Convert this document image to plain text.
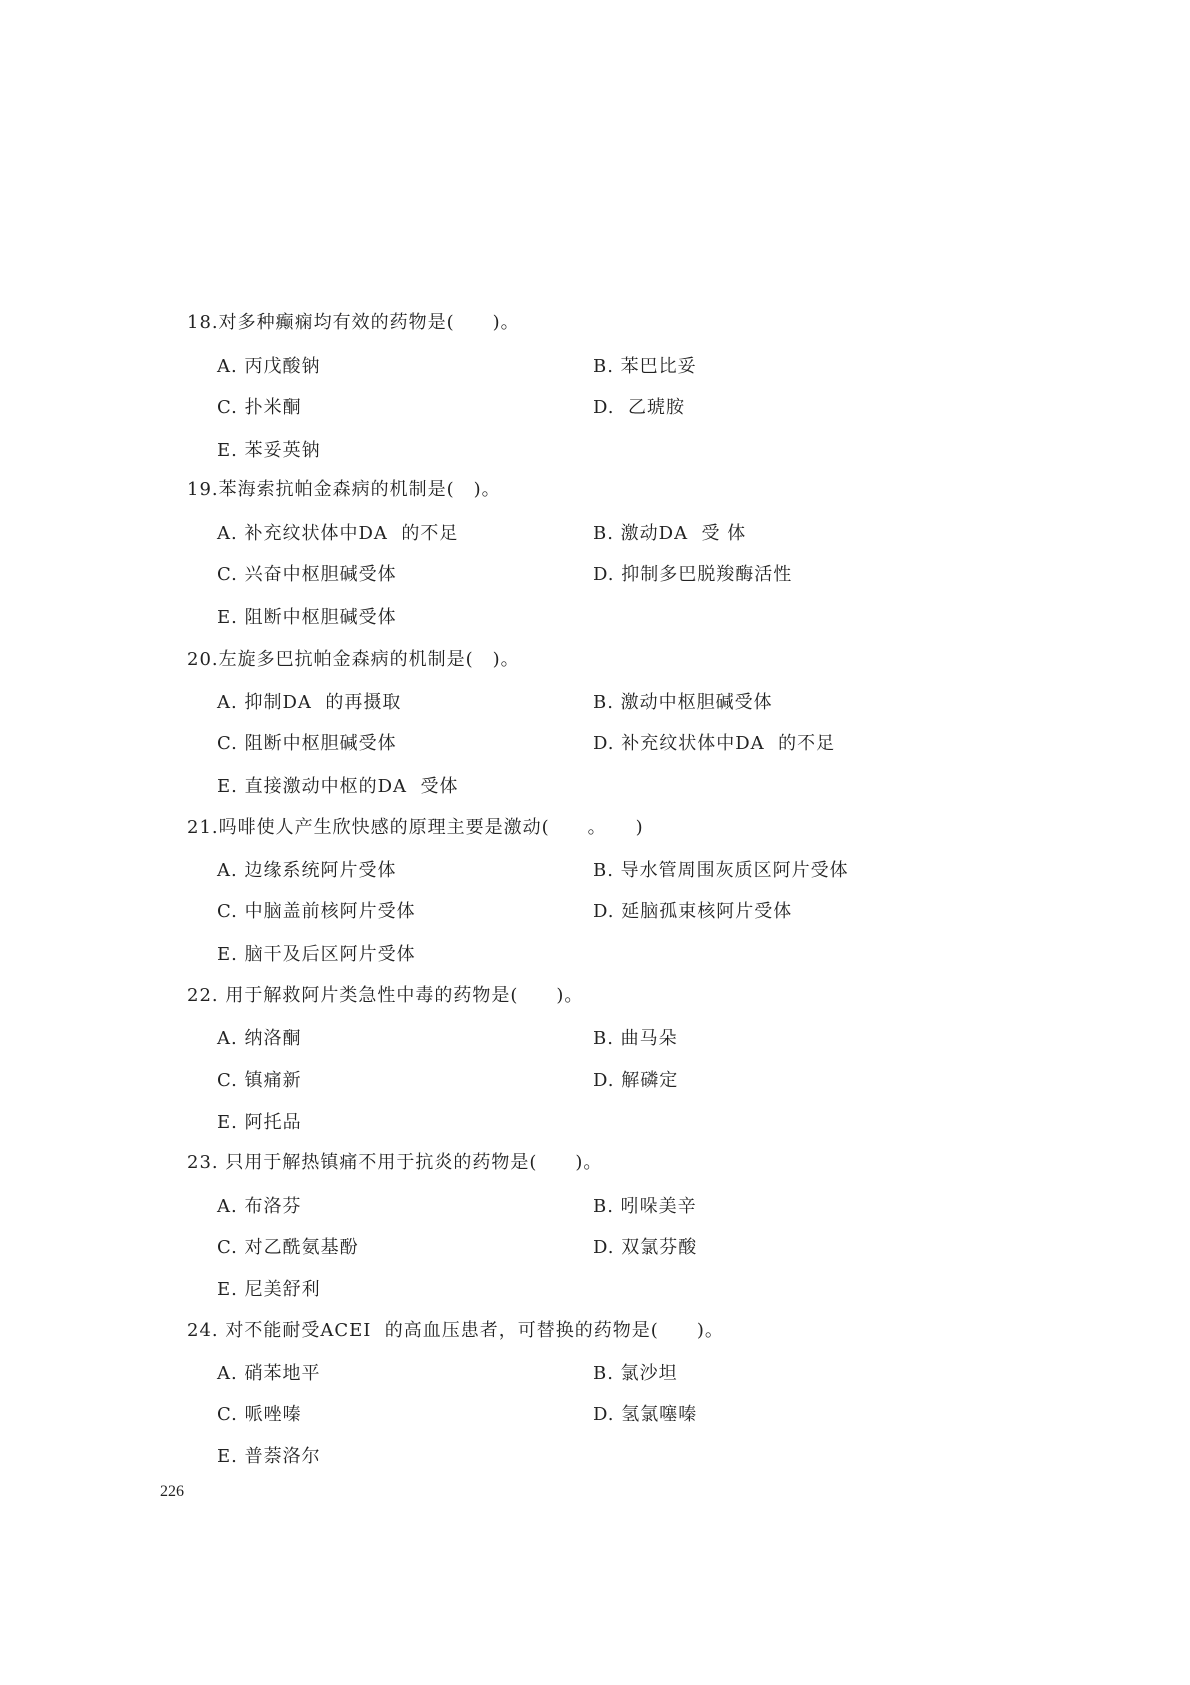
18.对多种癫痫均有效的药物是(　　)。
A. 丙戊酸钠	B. 苯巴比妥
C. 扑米酮	D.  乙琥胺
E. 苯妥英钠
19.苯海索抗帕金森病的机制是(　)。
A. 补充纹状体中DA  的不足	B. 激动DA  受 体
C. 兴奋中枢胆碱受体	D. 抑制多巴脱羧酶活性
E. 阻断中枢胆碱受体
20.左旋多巴抗帕金森病的机制是(　)。
A. 抑制DA  的再摄取	B. 激动中枢胆碱受体
C. 阻断中枢胆碱受体	D. 补充纹状体中DA  的不足
E. 直接激动中枢的DA  受体
21.吗啡使人产生欣快感的原理主要是激动(　　。　　)
A. 边缘系统阿片受体	B. 导水管周围灰质区阿片受体
C. 中脑盖前核阿片受体	D. 延脑孤束核阿片受体
E. 脑干及后区阿片受体
22. 用于解救阿片类急性中毒的药物是(　　)。
A. 纳洛酮	B. 曲马朵
C. 镇痛新	D. 解磷定
E. 阿托品
23. 只用于解热镇痛不用于抗炎的药物是(　　)。
A. 布洛芬	B. 吲哚美辛
C. 对乙酰氨基酚	D. 双氯芬酸
E. 尼美舒利
24. 对不能耐受ACEI  的高血压患者，可替换的药物是(　　)。
A. 硝苯地平	B. 氯沙坦
C. 哌唑嗪	D. 氢氯噻嗪
E. 普萘洛尔
226
